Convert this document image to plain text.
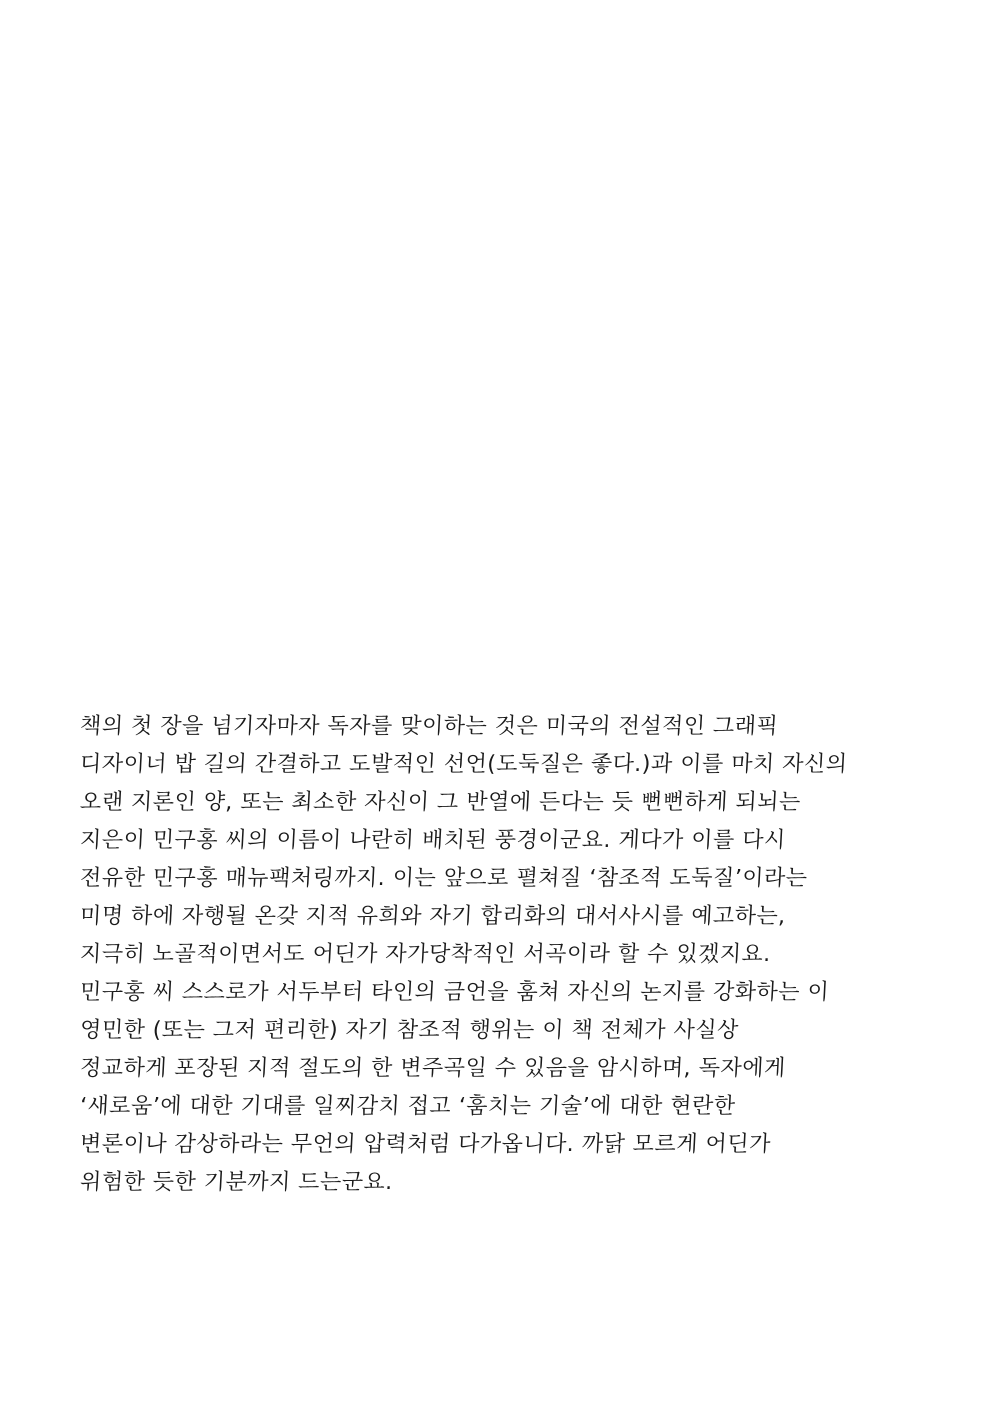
책의 첫 장을 넘기자마자 독자를 맞이하는 것은 미국의 전설적인 그래픽
디자이너 밥 길의 간결하고 도발적인 선언(도둑질은 좋다.)과 이를 마치 자신의
오랜 지론인 양, 또는 최소한 자신이 그 반열에 든다는 듯 뻔뻔하게 되뇌는
지은이 민구홍 씨의 이름이 나란히 배치된 풍경이군요. 게다가 이를 다시
전유한 민구홍 매뉴팩처링까지. 이는 앞으로 펼쳐질 ‘참조적 도둑질’이라는
미명 하에 자행될 온갖 지적 유희와 자기 합리화의 대서사시를 예고하는,
지극히 노골적이면서도 어딘가 자가당착적인 서곡이라 할 수 있겠지요.
민구홍 씨 스스로가 서두부터 타인의 금언을 훔쳐 자신의 논지를 강화하는 이
영민한 (또는 그저 편리한) 자기 참조적 행위는 이 책 전체가 사실상
정교하게 포장된 지적 절도의 한 변주곡일 수 있음을 암시하며, 독자에게
‘새로움’에 대한 기대를 일찌감치 접고 ‘훔치는 기술’에 대한 현란한
변론이나 감상하라는 무언의 압력처럼 다가옵니다. 까닭 모르게 어딘가
위험한 듯한 기분까지 드는군요.
